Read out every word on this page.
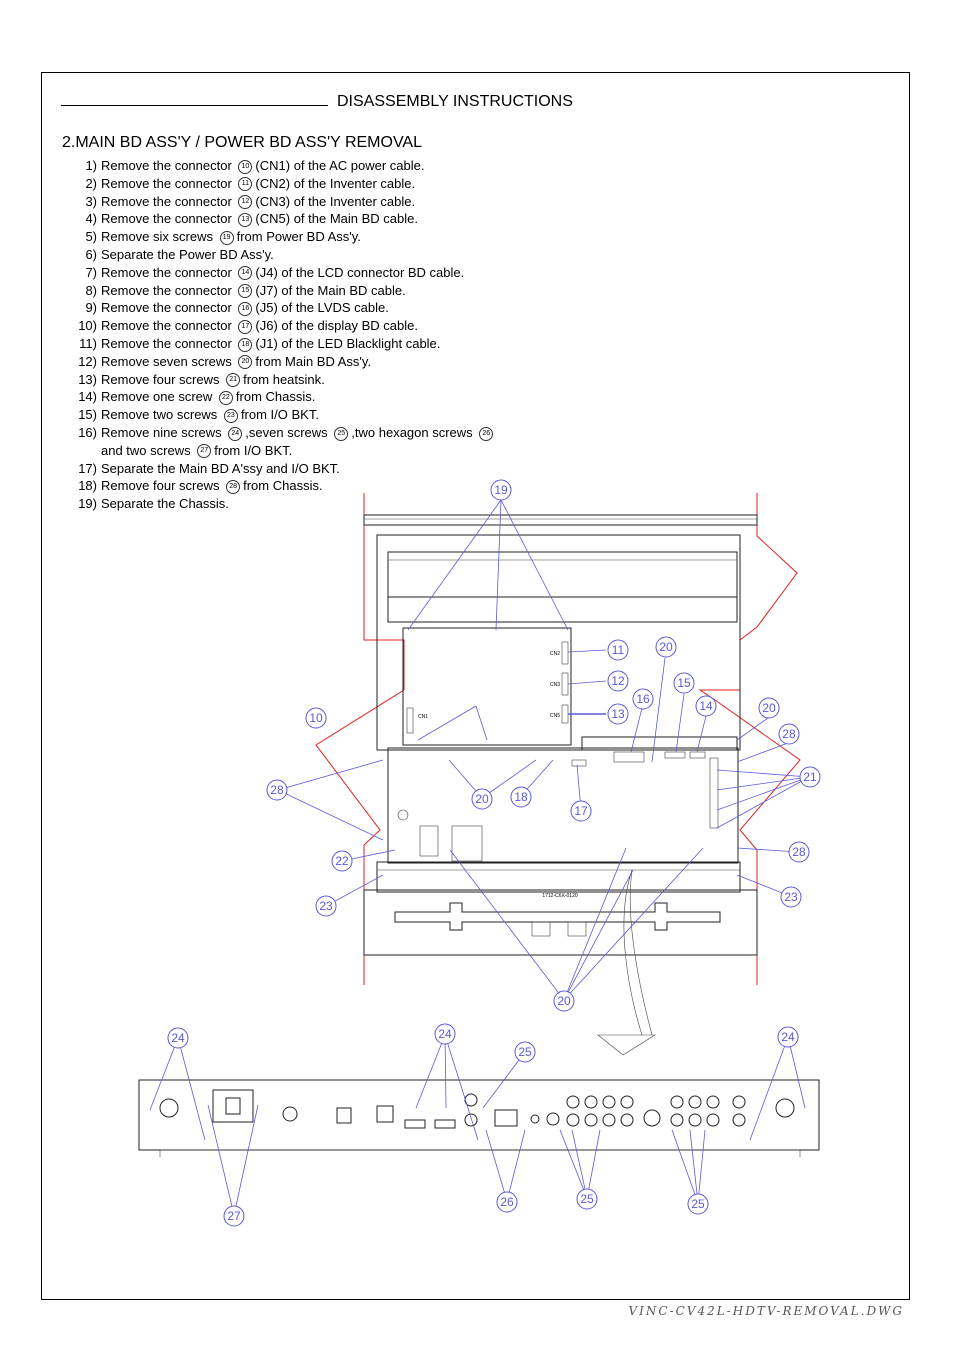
DISASSEMBLY INSTRUCTIONS
2.MAIN BD ASS'Y / POWER BD ASS'Y REMOVAL
1) Remove the connector 10 (CN1) of the AC power cable.
2) Remove the connector 11 (CN2) of the Inventer cable.
3) Remove the connector 12 (CN3) of the Inventer cable.
4) Remove the connector 13 (CN5) of the Main BD cable.
5) Remove six screws 19 from Power BD Ass'y.
6) Separate the Power BD Ass'y.
7) Remove the connector 14 (J4) of the LCD connector BD cable.
8) Remove the connector 15 (J7) of the Main BD cable.
9) Remove the connector 16 (J5) of the LVDS cable.
10) Remove the connector 17 (J6) of the display BD cable.
11) Remove the connector 18 (J1) of the LED Blacklight cable.
12) Remove seven screws 20 from Main BD Ass'y.
13) Remove four screws 21 from heatsink.
14) Remove one screw 22 from Chassis.
15) Remove two screws 23 from I/O BKT.
16) Remove nine screws 24 ,seven screws 25 ,two hexagon screws 26
and two screws 27 from I/O BKT.
17) Separate the Main BD A'ssy and I/O BKT.
18) Remove four screws 28 from Chassis.
19) Separate the Chassis.
CN2
CN3
CN5
CN1
1712-C6X-0120
19
11
12
13
10
20
16
15
14	20
28
28
21
20 18
17
22
28
23
23
20
24	24
25
24
27
26	25	25
VINC-CV42L-HDTV-REMOVAL.DWG
